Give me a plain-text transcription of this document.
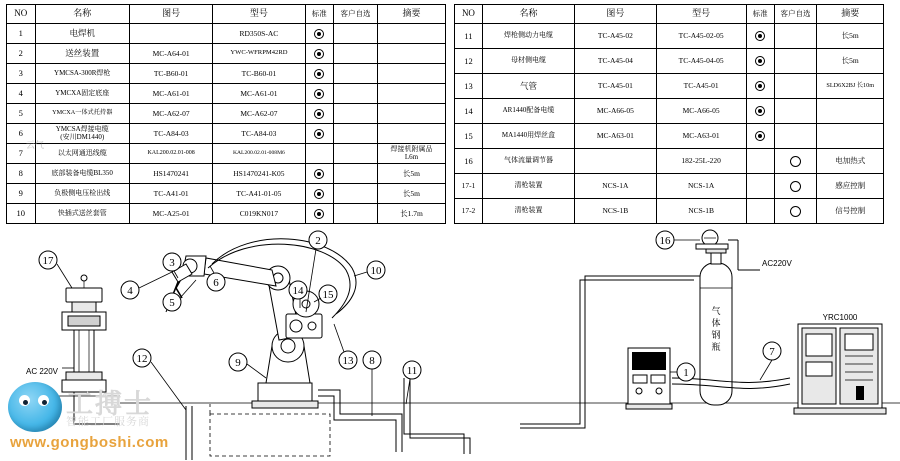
NO	名称	图号	型号	标准	客户自选	摘要
1	电焊机		RD350S-AC			
2	送丝装置	MC-A64-01	YWC-WFRPM42RD			
3	YMCSA-300R焊枪	TC-B60-01	TC-B60-01			
4	YMCXA固定底座	MC-A61-01	MC-A61-01			
5	YMCXA一体式托持器	MC-A62-07	MC-A62-07			
6	YMCSA焊接电缆
(安川DM1440)	TC-A84-03	TC-A84-03			
7	以太网通迅线缆	KAL200.02.01-008	KAL200.02.01-008M6			焊接机附属品
L6m
8	底部装备电缆BL350	HS1470241	HS1470241-K05			长5m
9	负极侧电压检出线	TC-A41-01	TC-A41-01-05			长5m
10	快插式送丝套管	MC-A25-01	C019KN017			长1.7m
NO	名称	图号	型号	标准	客户自选	摘要
11	焊枪侧动力电缆	TC-A45-02	TC-A45-02-05			长5m
12	母材侧电缆	TC-A45-04	TC-A45-04-05			长5m
13	气管	TC-A45-01	TC-A45-01			SLD6X2BJ 长10m
14	AR1440配备电缆	MC-A66-05	MC-A66-05			
15	MA1440用焊丝盒	MC-A63-01	MC-A63-01			
16	气体流量调节器		182-25L-220			电加热式
17-1	清枪装置	NCS-1A	NCS-1A			感应控制
17-2	清枪装置	NCS-1B	NCS-1B			信号控制
TDK
气
体
钢
瓶
AC220V
YRC1000
AC 220V	1
2
3
4
5
6
7
8
9
10
11
12	13
14 15
16
17
工搏士
智能工厂服务商
www.gongboshi.com
云气
